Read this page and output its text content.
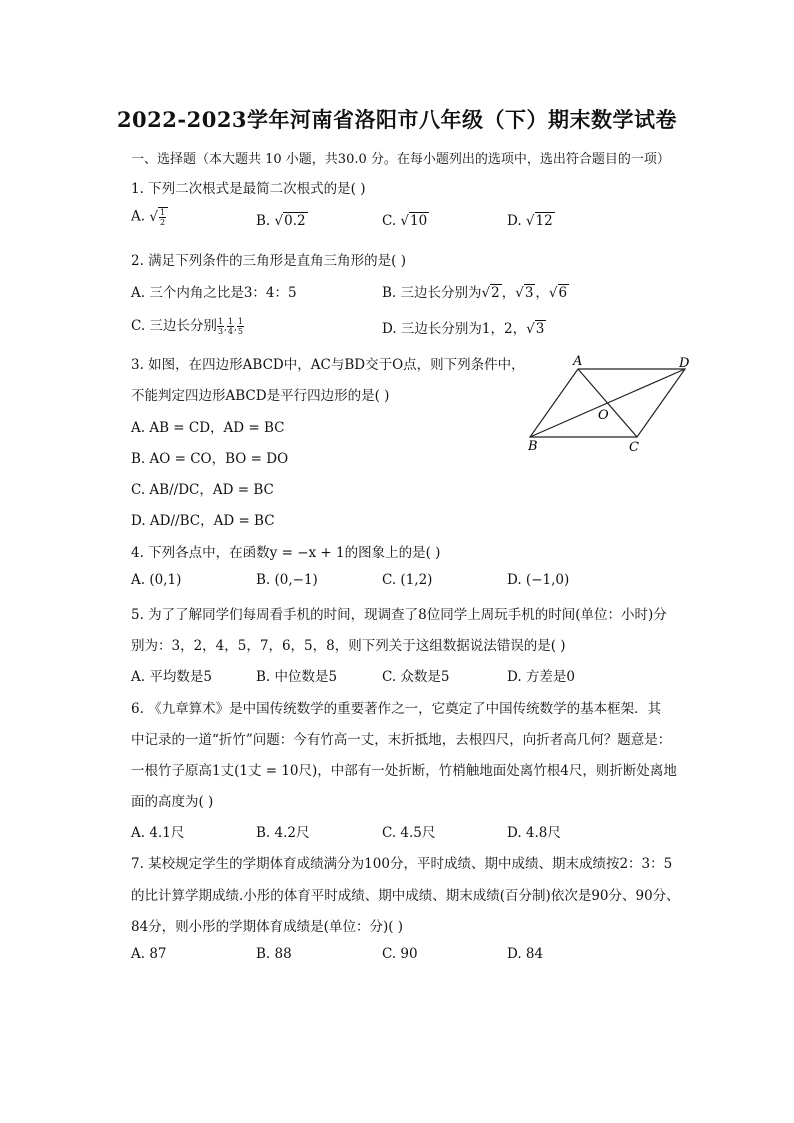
2022-2023学年河南省洛阳市八年级（下）期末数学试卷
一、选择题（本大题共 10 小题，共30.0 分。在每小题列出的选项中，选出符合题目的一项）
1. 下列二次根式是最简二次根式的是( )
A. √ $\frac{1}{2}$	B. √0.2	C. √10	D. √12
2. 满足下列条件的三角形是直角三角形的是( )
A. 三个内角之比是3：4：5	B. 三边长分别为√2 ，√3 ，√6
C. 三边长分别 $\frac{1}{3}$ , $\frac{1}{4}$ , $\frac{1}{5}$	D. 三边长分别为1，2，√3
3. 如图，在四边形ABCD中，AC与BD交于O点，则下列条件中，
不能判定四边形ABCD是平行四边形的是( )
A. AB = CD，AD = BC
B. AO = CO，BO = DO
C. AB//DC，AD = BC
D. AD//BC，AD = BC
A	D
B	C
O
4. 下列各点中，在函数y = −x + 1的图象上的是( )
A. (0,1)	B. (0,−1)	C. (1,2)	D. (−1,0)
5. 为了了解同学们每周看手机的时间，现调查了8位同学上周玩手机的时间(单位：小时)分
别为：3，2，4，5，7，6，5，8，则下列关于这组数据说法错误的是( )
A. 平均数是5	B. 中位数是5	C. 众数是5	D. 方差是0
6. 《九章算术》是中国传统数学的重要著作之一，它奠定了中国传统数学的基本框架．其
中记录的一道“折竹”问题：今有竹高一丈，末折抵地，去根四尺，向折者高几何？题意是：
一根竹子原高1丈(1丈 = 10尺)，中部有一处折断，竹梢触地面处离竹根4尺，则折断处离地
面的高度为( )
A. 4.1尺	B. 4.2尺	C. 4.5尺	D. 4.8尺
7. 某校规定学生的学期体育成绩满分为100分，平时成绩、期中成绩、期末成绩按2：3：5
的比计算学期成绩.小彤的体育平时成绩、期中成绩、期末成绩(百分制)依次是90分、90分、
84分，则小彤的学期体育成绩是(单位：分)( )
A. 87	B. 88	C. 90	D. 84
